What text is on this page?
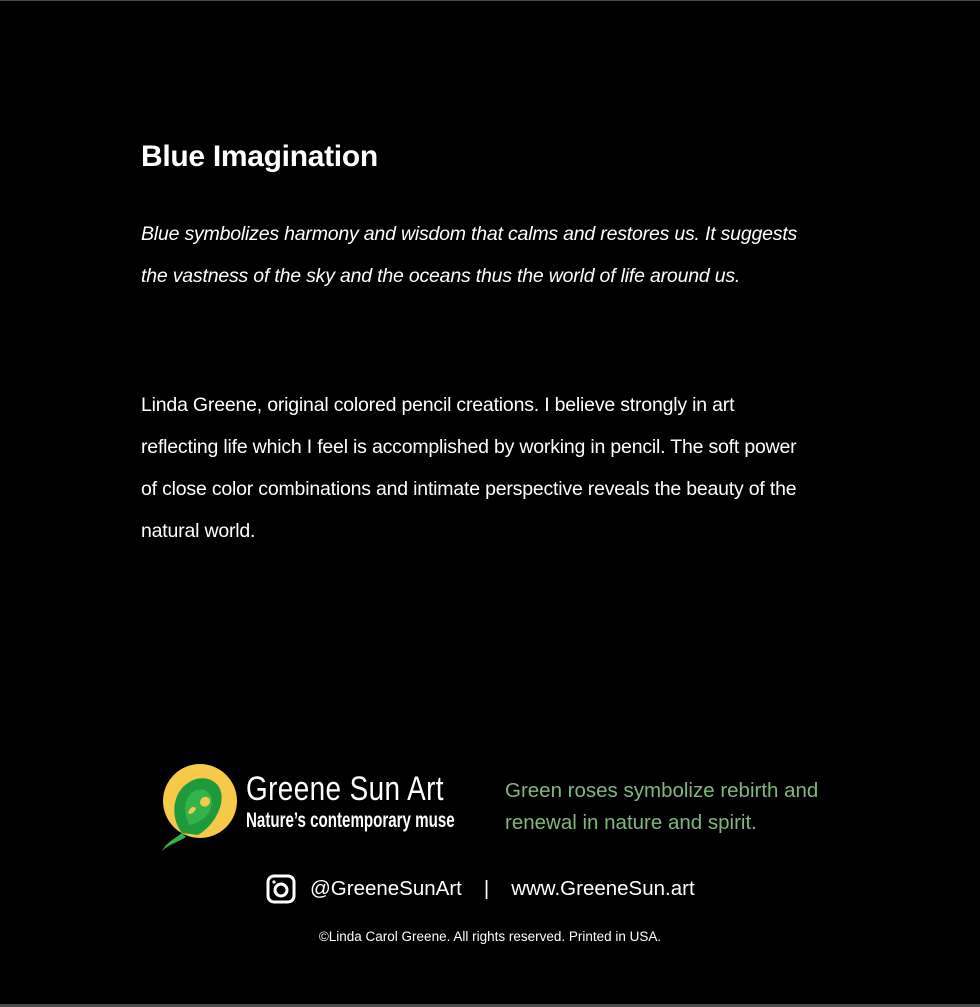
Blue Imagination
Blue symbolizes harmony and wisdom that calms and restores us. It suggests the vastness of the sky and the oceans thus the world of life around us.
Linda Greene, original colored pencil creations. I believe strongly in art reflecting life which I feel is accomplished by working in pencil. The soft power of close color combinations and intimate perspective reveals the beauty of the natural world.
Greene Sun Art
Nature’s contemporary muse
Green roses symbolize rebirth and renewal in nature and spirit.
@GreeneSunArt | www.GreeneSun.art
©Linda Carol Greene. All rights reserved. Printed in USA.
